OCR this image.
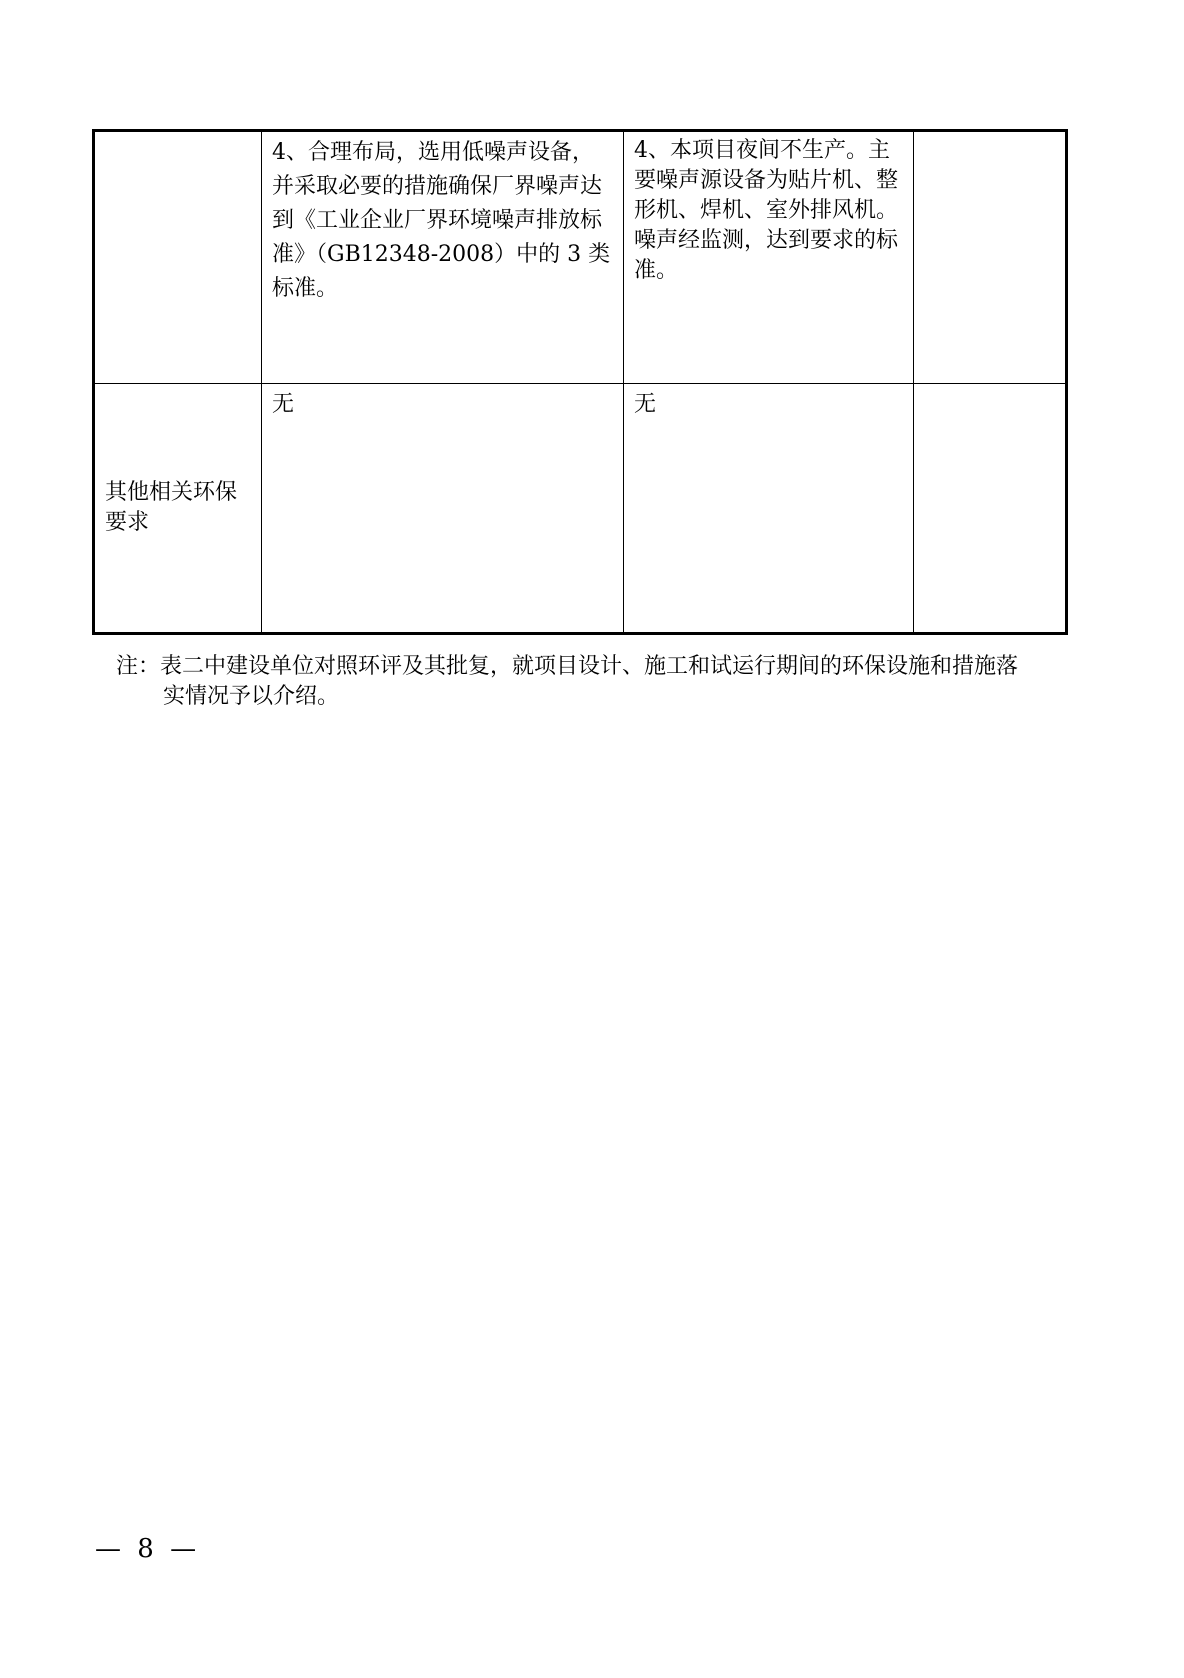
	4、合理布局，选用低噪声设备，并采取必要的措施确保厂界噪声达到《工业企业厂界环境噪声排放标准》（GB12348-2008）中的 3 类标准。	4、本项目夜间不生产。主要噪声源设备为贴片机、整形机、焊机、室外排风机。噪声经监测，达到要求的标准。	
其他相关环保要求	无	无	
注：表二中建设单位对照环评及其批复，就项目设计、施工和试运行期间的环保设施和措施落
实情况予以介绍。
— 8 —
